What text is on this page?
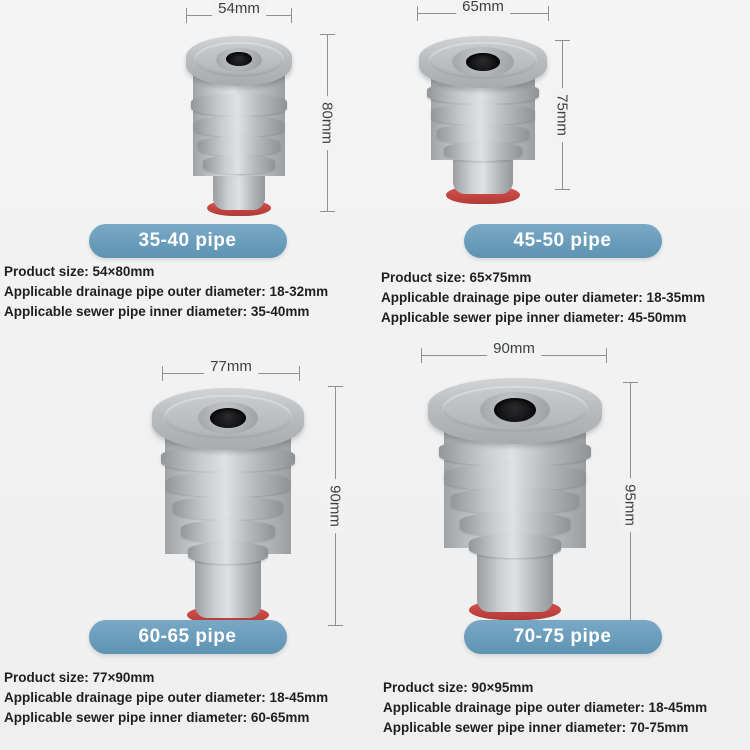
54mm
80mm
35-40 pipe
Product size: 54×80mm
Applicable drainage pipe outer diameter: 18-32mm
Applicable sewer pipe inner diameter: 35-40mm
65mm
75mm
45-50 pipe
Product size: 65×75mm
Applicable drainage pipe outer diameter: 18-35mm
Applicable sewer pipe inner diameter: 45-50mm
77mm
90mm
60-65 pipe
Product size: 77×90mm
Applicable drainage pipe outer diameter: 18-45mm
Applicable sewer pipe inner diameter: 60-65mm
90mm
95mm
70-75 pipe
Product size: 90×95mm
Applicable drainage pipe outer diameter: 18-45mm
Applicable sewer pipe inner diameter: 70-75mm
